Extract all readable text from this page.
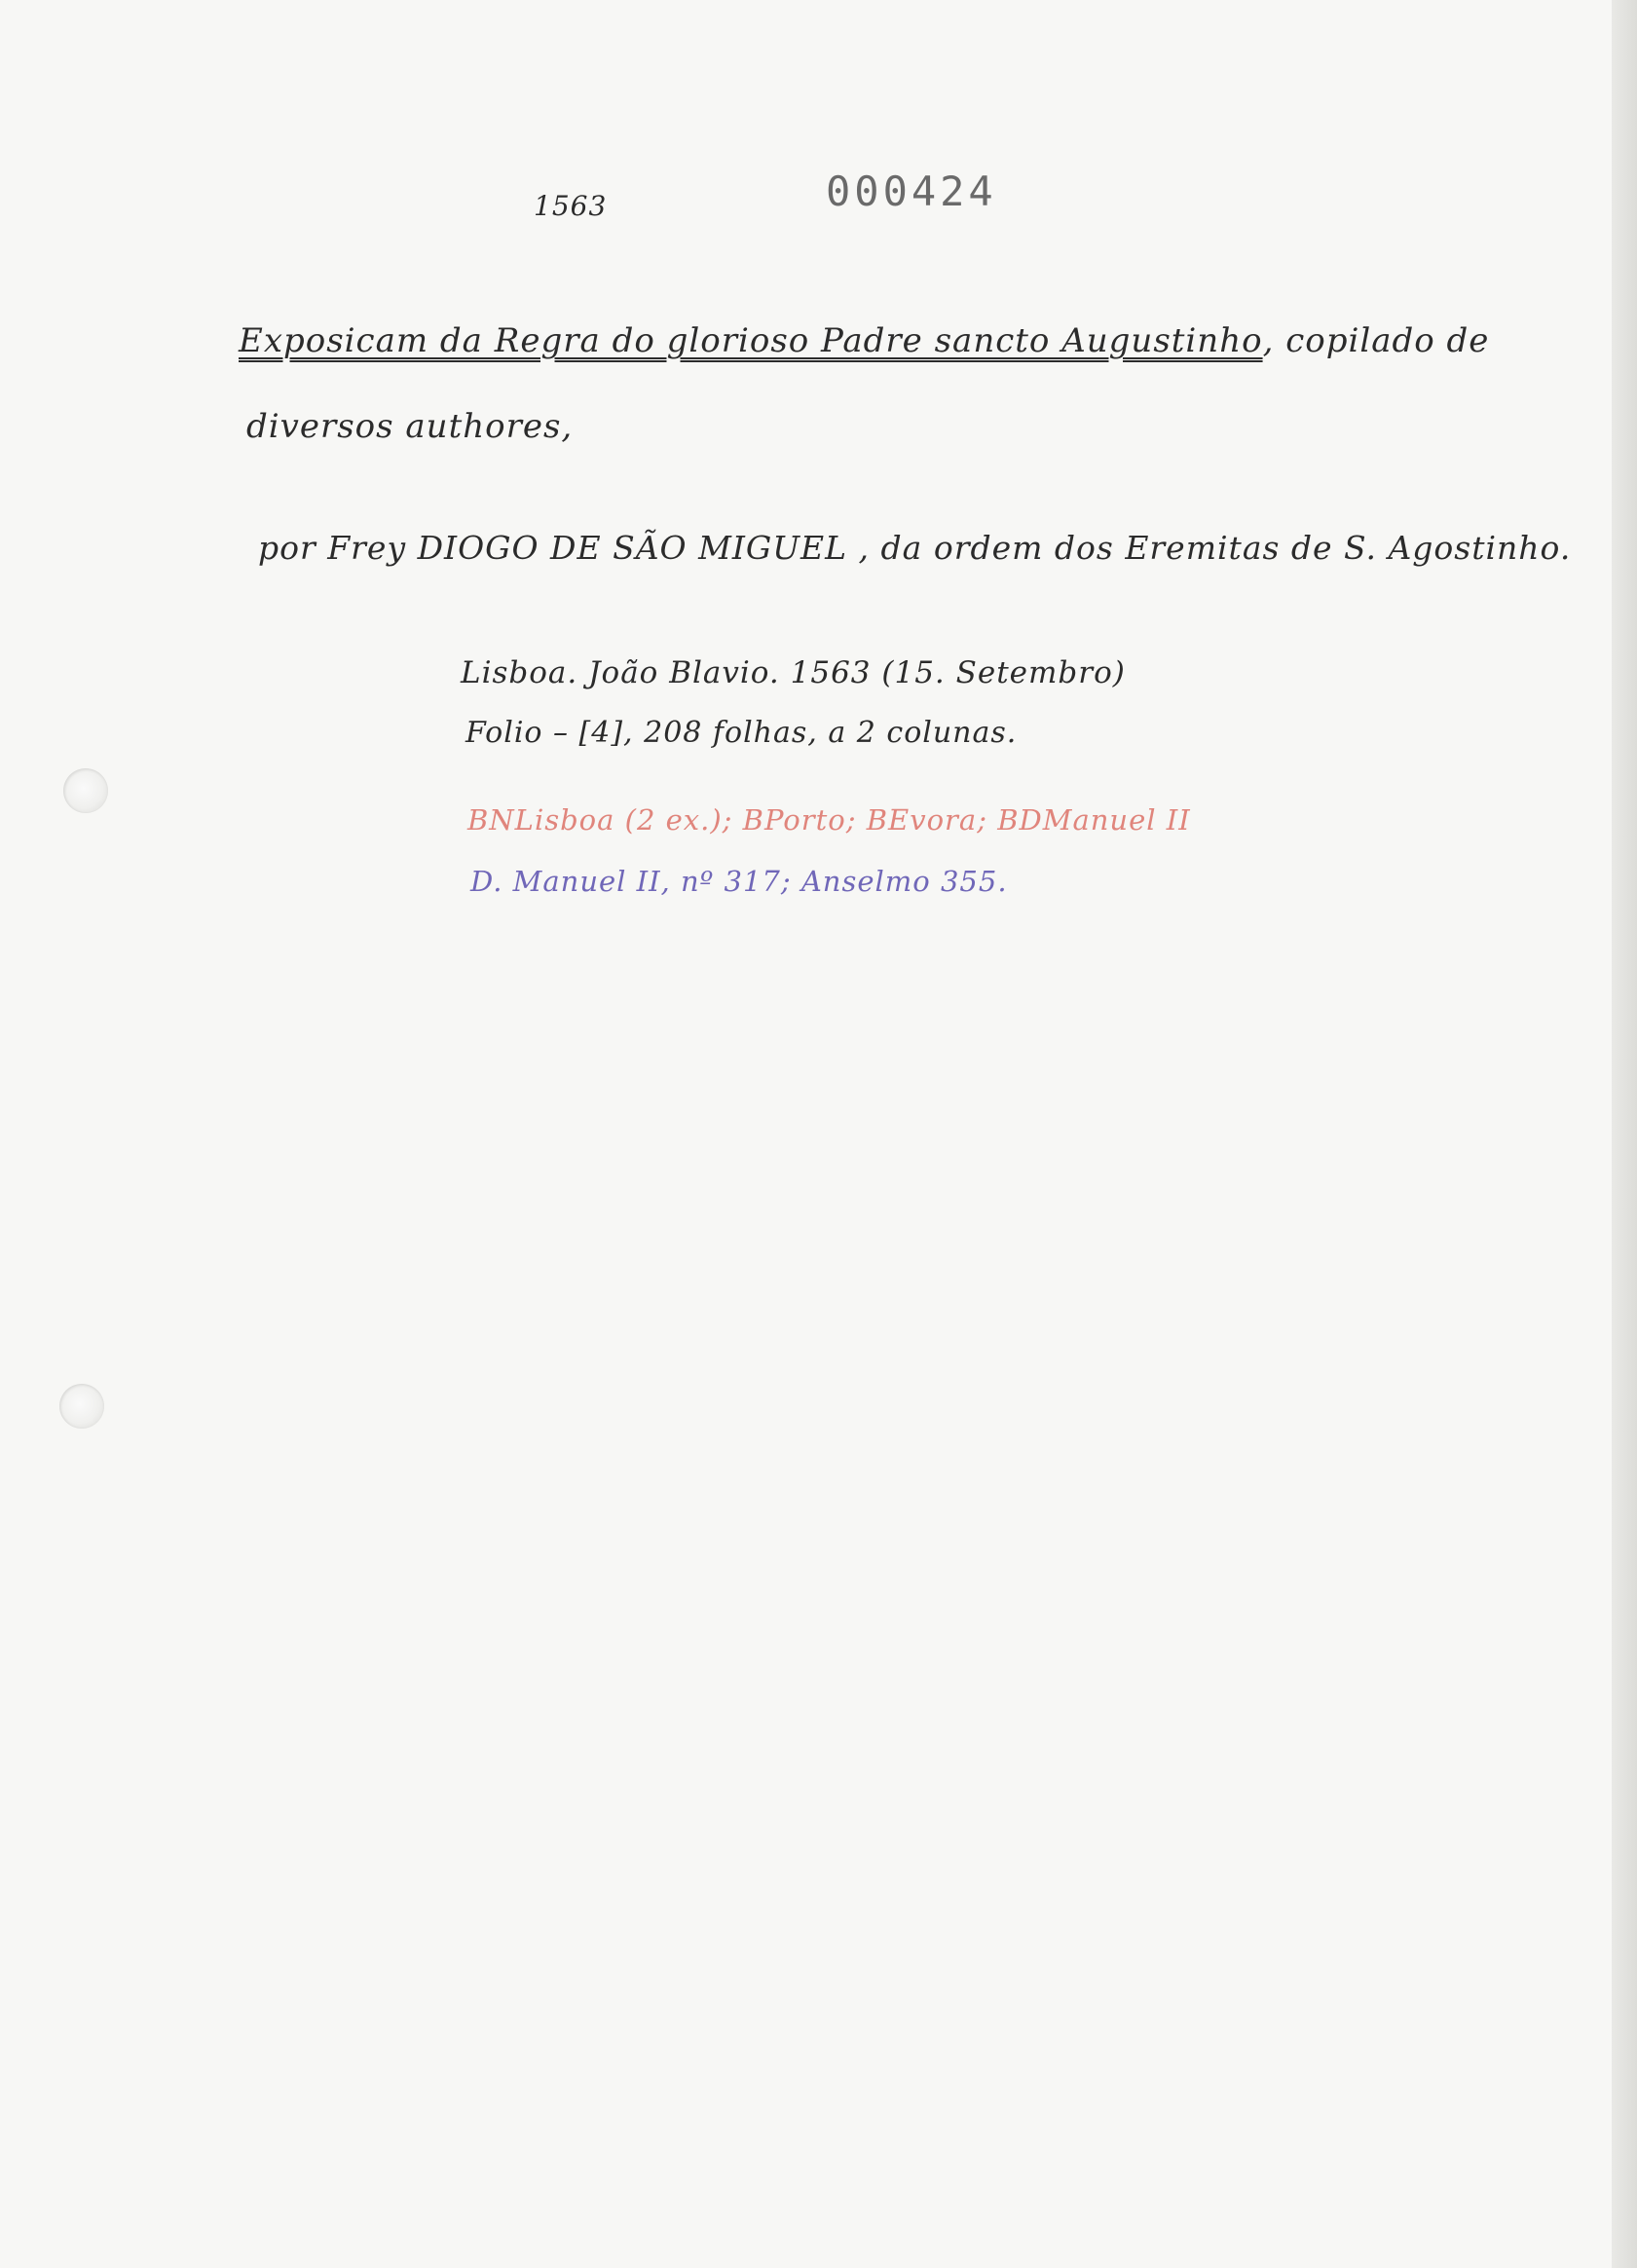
1563	000424
Exposicam da Regra do glorioso Padre sancto Augustinho, copilado de
diversos authores,
por Frey DIOGO DE SÃO MIGUEL , da ordem dos Eremitas de S. Agostinho.
Lisboa. João Blavio. 1563 (15. Setembro)
Folio – [4], 208 folhas, a 2 colunas.
BNLisboa (2 ex.); BPorto; BEvora; BDManuel II
D. Manuel II, nº 317; Anselmo 355.
